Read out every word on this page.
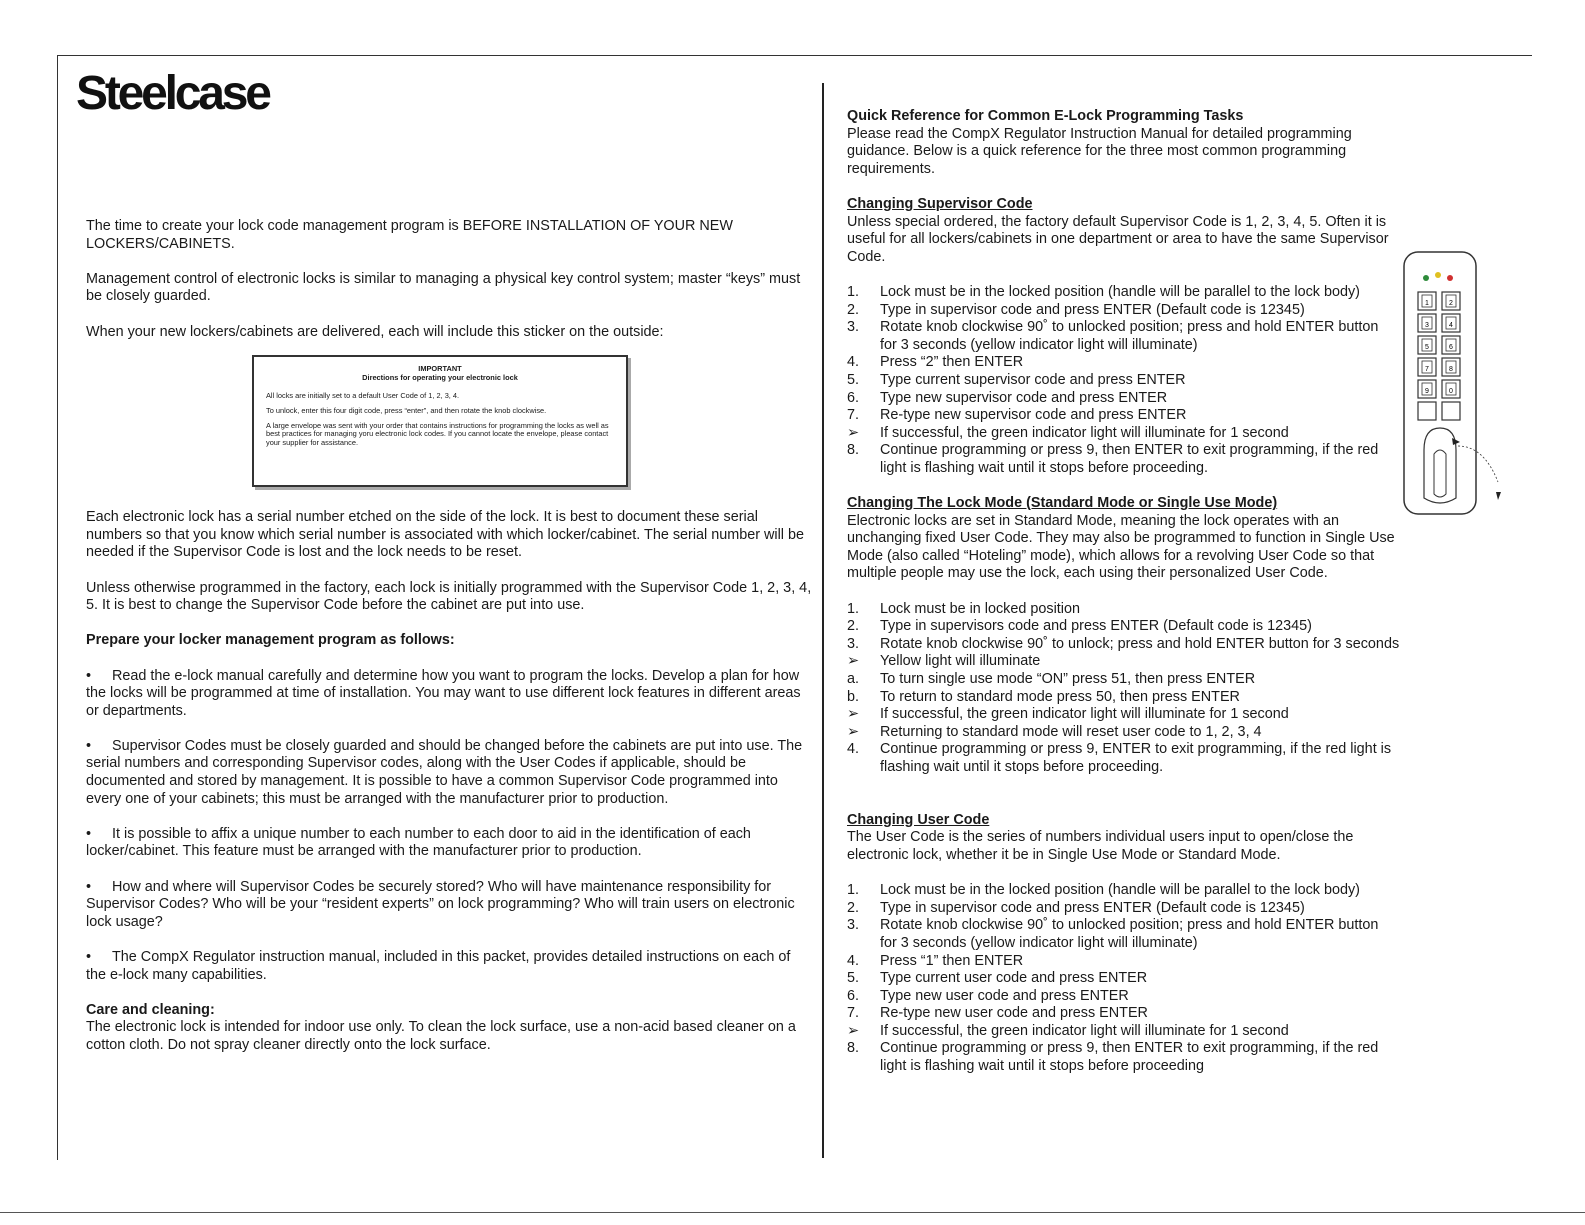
Steelcase

The time to create your lock code management program is BEFORE INSTALLATION OF YOUR NEW LOCKERS/CABINETS.

Management control of electronic locks is similar to managing a physical key control system; master “keys” must be closely guarded.

When your new lockers/cabinets are delivered, each will include this sticker on the outside:

IMPORTANT
Directions for operating your electronic lock

All locks are initially set to a default User Code of 1, 2, 3, 4.

To unlock, enter this four digit code, press “enter”, and then rotate the knob clockwise.

A large envelope was sent with your order that contains instructions for programming the locks as well as best practices for managing yoru electronic lock codes. If you cannot locate the envelope, please contact your supplier for assistance.

Each electronic lock has a serial number etched on the side of the lock. It is best to document these serial numbers so that you know which serial number is associated with which locker/cabinet. The serial number will be needed if the Supervisor Code is lost and the lock needs to be reset.

Unless otherwise programmed in the factory, each lock is initially programmed with the Supervisor Code 1, 2, 3, 4, 5. It is best to change the Supervisor Code before the cabinet are put into use.

Prepare your locker management program as follows:

• Read the e-lock manual carefully and determine how you want to program the locks. Develop a plan for how the locks will be programmed at time of installation. You may want to use different lock features in different areas or departments.

• Supervisor Codes must be closely guarded and should be changed before the cabinets are put into use. The serial numbers and corresponding Supervisor codes, along with the User Codes if applicable, should be documented and stored by management. It is possible to have a common Supervisor Code programmed into every one of your cabinets; this must be arranged with the manufacturer prior to production.

• It is possible to affix a unique number to each number to each door to aid in the identification of each locker/cabinet. This feature must be arranged with the manufacturer prior to production.

• How and where will Supervisor Codes be securely stored? Who will have maintenance responsibility for Supervisor Codes? Who will be your “resident experts” on lock programming? Who will train users on electronic lock usage?

• The CompX Regulator instruction manual, included in this packet, provides detailed instructions on each of the e-lock many capabilities.

Care and cleaning:

The electronic lock is intended for indoor use only. To clean the lock surface, use a non-acid based cleaner on a cotton cloth. Do not spray cleaner directly onto the lock surface.

Quick Reference for Common E-Lock Programming Tasks

Please read the CompX Regulator Instruction Manual for detailed programming guidance. Below is a quick reference for the three most common programming requirements.

Changing Supervisor Code

Unless special ordered, the factory default Supervisor Code is 1, 2, 3, 4, 5. Often it is useful for all lockers/cabinets in one department or area to have the same Supervisor Code.

1. Lock must be in the locked position (handle will be parallel to the lock body)
2. Type in supervisor code and press ENTER (Default code is 12345)
3. Rotate knob clockwise 90˚ to unlocked position; press and hold ENTER button for 3 seconds (yellow indicator light will illuminate)
4. Press “2” then ENTER
5. Type current supervisor code and press ENTER
6. Type new supervisor code and press ENTER
7. Re-type new supervisor code and press ENTER
➢ If successful, the green indicator light will illuminate for 1 second
8. Continue programming or press 9, then ENTER to exit programming, if the red light is flashing wait until it stops before proceeding.

Changing The Lock Mode (Standard Mode or Single Use Mode)

Electronic locks are set in Standard Mode, meaning the lock operates with an unchanging fixed User Code. They may also be programmed to function in Single Use Mode (also called “Hoteling” mode), which allows for a revolving User Code so that multiple people may use the lock, each using their personalized User Code.

1. Lock must be in locked position
2. Type in supervisors code and press ENTER (Default code is 12345)
3. Rotate knob clockwise 90˚ to unlock; press and hold ENTER button for 3 seconds
➢ Yellow light will illuminate
a. To turn single use mode “ON” press 51, then press ENTER
b. To return to standard mode press 50, then press ENTER
➢ If successful, the green indicator light will illuminate for 1 second
➢ Returning to standard mode will reset user code to 1, 2, 3, 4
4. Continue programming or press 9, ENTER to exit programming, if the red light is flashing wait until it stops before proceeding.

Changing User Code

The User Code is the series of numbers individual users input to open/close the electronic lock, whether it be in Single Use Mode or Standard Mode.

1. Lock must be in the locked position (handle will be parallel to the lock body)
2. Type in supervisor code and press ENTER (Default code is 12345)
3. Rotate knob clockwise 90˚ to unlocked position; press and hold ENTER button for 3 seconds (yellow indicator light will illuminate)
4. Press “1” then ENTER
5. Type current user code and press ENTER
6. Type new user code and press ENTER
7. Re-type new user code and press ENTER
➢ If successful, the green indicator light will illuminate for 1 second
8. Continue programming or press 9, then ENTER to exit programming, if the red light is flashing wait until it stops before proceeding
1	2
3	4
5	6
7	8
9	0
